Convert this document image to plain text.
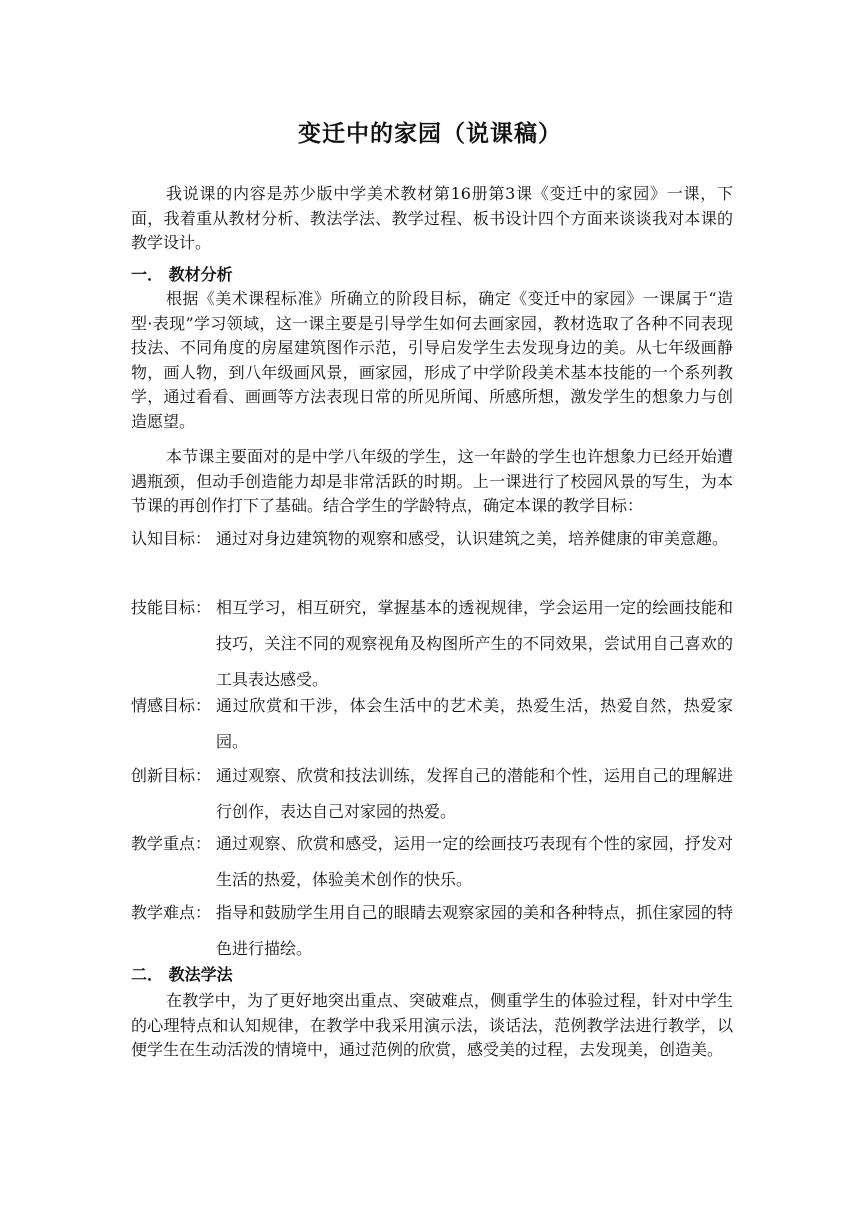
变迁中的家园（说课稿）

我说课的内容是苏少版中学美术教材第16册第3课《变迁中的家园》一课，下面，我着重从教材分析、教法学法、教学过程、板书设计四个方面来谈谈我对本课的教学设计。

一． 教材分析

根据《美术课程标准》所确立的阶段目标，确定《变迁中的家园》一课属于“造型·表现”学习领域，这一课主要是引导学生如何去画家园，教材选取了各种不同表现技法、不同角度的房屋建筑图作示范，引导启发学生去发现身边的美。从七年级画静物，画人物，到八年级画风景，画家园，形成了中学阶段美术基本技能的一个系列教学，通过看看、画画等方法表现日常的所见所闻、所感所想，激发学生的想象力与创造愿望。

本节课主要面对的是中学八年级的学生，这一年龄的学生也许想象力已经开始遭遇瓶颈，但动手创造能力却是非常活跃的时期。上一课进行了校园风景的写生，为本节课的再创作打下了基础。结合学生的学龄特点，确定本课的教学目标：

认知目标： 通过对身边建筑物的观察和感受，认识建筑之美，培养健康的审美意趣。
技能目标： 相互学习，相互研究，掌握基本的透视规律，学会运用一定的绘画技能和技巧，关注不同的观察视角及构图所产生的不同效果，尝试用自己喜欢的工具表达感受。
情感目标： 通过欣赏和干涉，体会生活中的艺术美，热爱生活，热爱自然，热爱家园。
创新目标： 通过观察、欣赏和技法训练，发挥自己的潜能和个性，运用自己的理解进行创作，表达自己对家园的热爱。
教学重点： 通过观察、欣赏和感受，运用一定的绘画技巧表现有个性的家园，抒发对生活的热爱，体验美术创作的快乐。
教学难点： 指导和鼓励学生用自己的眼睛去观察家园的美和各种特点，抓住家园的特色进行描绘。

二． 教法学法

在教学中，为了更好地突出重点、突破难点，侧重学生的体验过程，针对中学生的心理特点和认知规律，在教学中我采用演示法，谈话法，范例教学法进行教学，以便学生在生动活泼的情境中，通过范例的欣赏，感受美的过程，去发现美，创造美。
